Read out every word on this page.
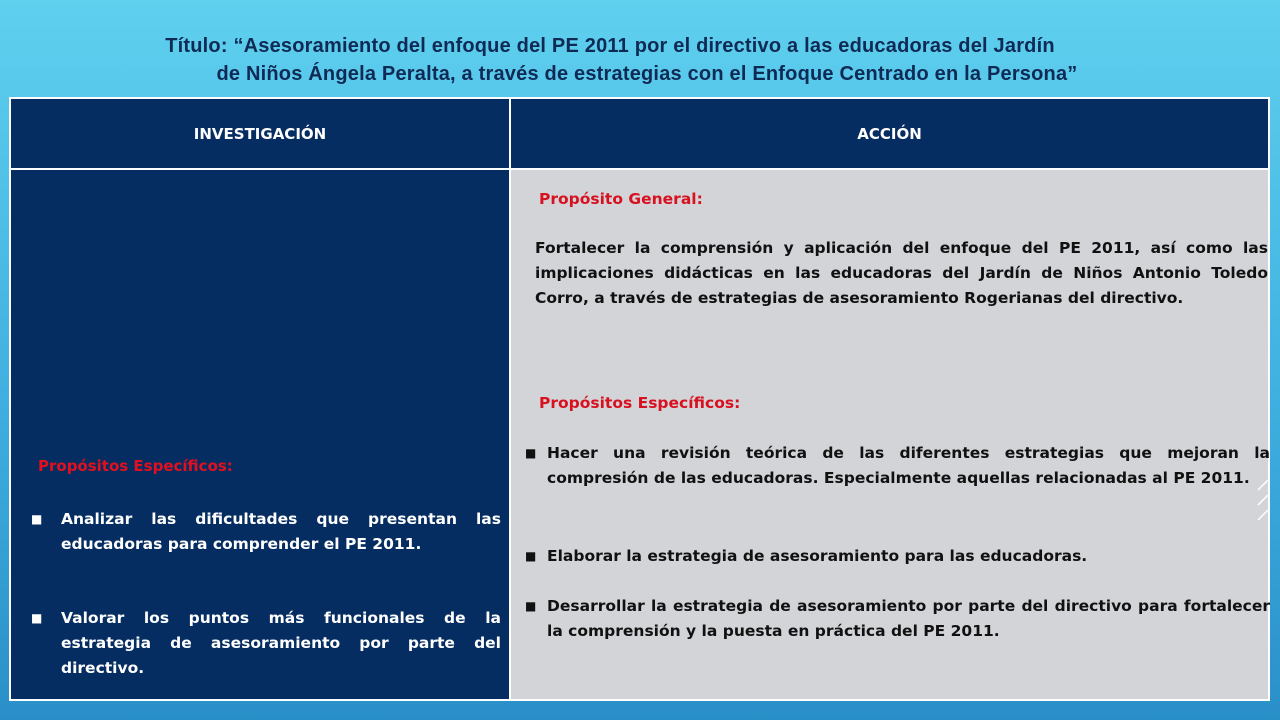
Título: “Asesoramiento del enfoque del PE 2011 por el directivo a las educadoras del Jardín
de Niños Ángela Peralta, a través de estrategias con el Enfoque Centrado en la Persona”
INVESTIGACIÓN	ACCIÓN
Propósitos Específicos:
■	Analizar las dificultades que presentan las educadoras para comprender el PE 2011.
■	Valorar los puntos más funcionales de la estrategia de asesoramiento por parte del directivo.
Propósito General:
Fortalecer la comprensión y aplicación del enfoque del PE 2011, así como las implicaciones didácticas en las educadoras del Jardín de Niños Antonio Toledo Corro, a través de estrategias de asesoramiento Rogerianas del directivo.
Propósitos Específicos:
■ Hacer una revisión teórica de las diferentes estrategias que mejoran la compresión de las educadoras. Especialmente aquellas relacionadas al PE 2011.
■ Elaborar la estrategia de asesoramiento para las educadoras.
■ Desarrollar la estrategia de asesoramiento por parte del directivo para fortalecer la comprensión y la puesta en práctica del PE 2011.
